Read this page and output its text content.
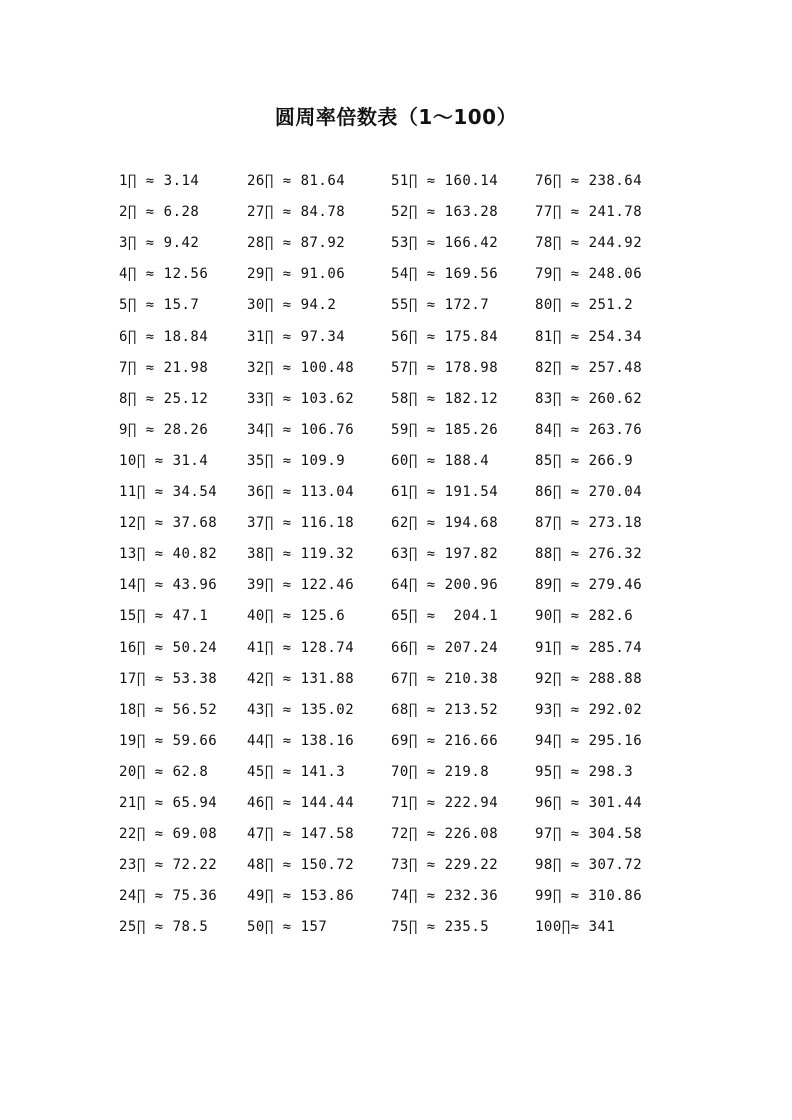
圆周率倍数表（1～100）
1∏ ≈ 3.14
2∏ ≈ 6.28
3∏ ≈ 9.42
4∏ ≈ 12.56
5∏ ≈ 15.7
6∏ ≈ 18.84
7∏ ≈ 21.98
8∏ ≈ 25.12
9∏ ≈ 28.26
10∏ ≈ 31.4
11∏ ≈ 34.54
12∏ ≈ 37.68
13∏ ≈ 40.82
14∏ ≈ 43.96
15∏ ≈ 47.1
16∏ ≈ 50.24
17∏ ≈ 53.38
18∏ ≈ 56.52
19∏ ≈ 59.66
20∏ ≈ 62.8
21∏ ≈ 65.94
22∏ ≈ 69.08
23∏ ≈ 72.22
24∏ ≈ 75.36
25∏ ≈ 78.5
26∏ ≈ 81.64
27∏ ≈ 84.78
28∏ ≈ 87.92
29∏ ≈ 91.06
30∏ ≈ 94.2
31∏ ≈ 97.34
32∏ ≈ 100.48
33∏ ≈ 103.62
34∏ ≈ 106.76
35∏ ≈ 109.9
36∏ ≈ 113.04
37∏ ≈ 116.18
38∏ ≈ 119.32
39∏ ≈ 122.46
40∏ ≈ 125.6
41∏ ≈ 128.74
42∏ ≈ 131.88
43∏ ≈ 135.02
44∏ ≈ 138.16
45∏ ≈ 141.3
46∏ ≈ 144.44
47∏ ≈ 147.58
48∏ ≈ 150.72
49∏ ≈ 153.86
50∏ ≈ 157
51∏ ≈ 160.14
52∏ ≈ 163.28
53∏ ≈ 166.42
54∏ ≈ 169.56
55∏ ≈ 172.7
56∏ ≈ 175.84
57∏ ≈ 178.98
58∏ ≈ 182.12
59∏ ≈ 185.26
60∏ ≈ 188.4
61∏ ≈ 191.54
62∏ ≈ 194.68
63∏ ≈ 197.82
64∏ ≈ 200.96
65∏ ≈  204.1
66∏ ≈ 207.24
67∏ ≈ 210.38
68∏ ≈ 213.52
69∏ ≈ 216.66
70∏ ≈ 219.8
71∏ ≈ 222.94
72∏ ≈ 226.08
73∏ ≈ 229.22
74∏ ≈ 232.36
75∏ ≈ 235.5
76∏ ≈ 238.64
77∏ ≈ 241.78
78∏ ≈ 244.92
79∏ ≈ 248.06
80∏ ≈ 251.2
81∏ ≈ 254.34
82∏ ≈ 257.48
83∏ ≈ 260.62
84∏ ≈ 263.76
85∏ ≈ 266.9
86∏ ≈ 270.04
87∏ ≈ 273.18
88∏ ≈ 276.32
89∏ ≈ 279.46
90∏ ≈ 282.6
91∏ ≈ 285.74
92∏ ≈ 288.88
93∏ ≈ 292.02
94∏ ≈ 295.16
95∏ ≈ 298.3
96∏ ≈ 301.44
97∏ ≈ 304.58
98∏ ≈ 307.72
99∏ ≈ 310.86
100∏≈ 341
